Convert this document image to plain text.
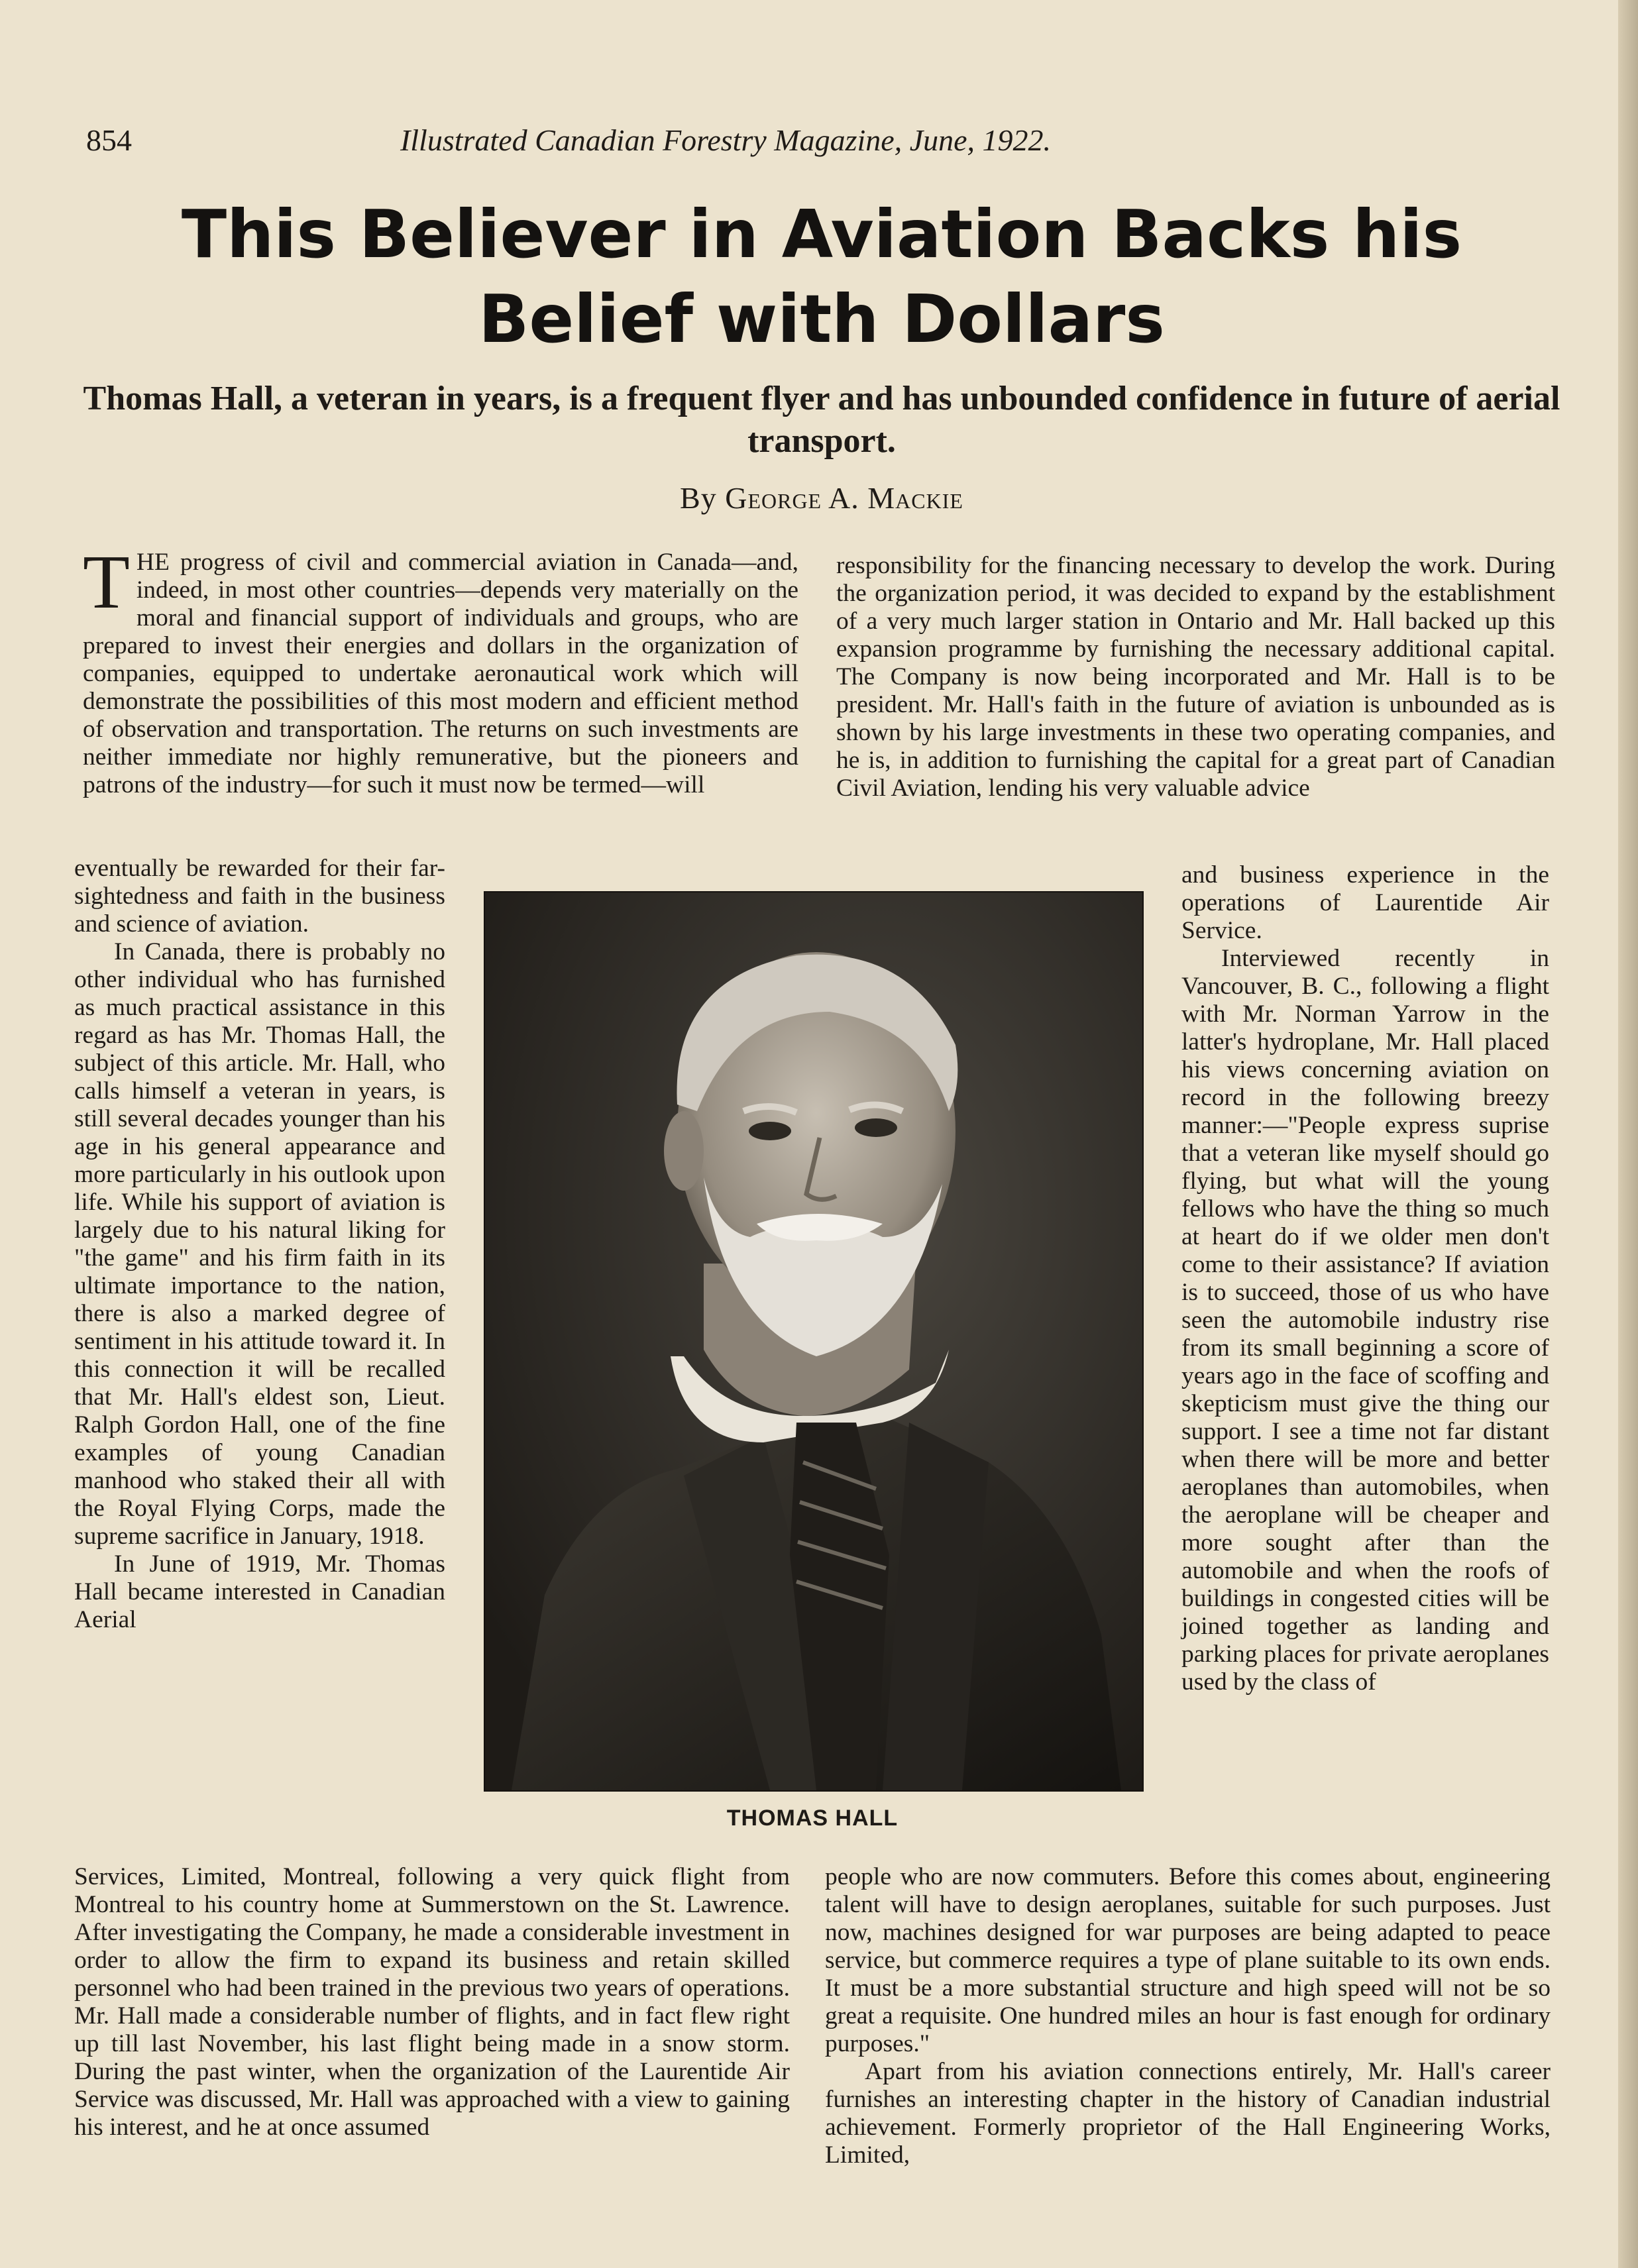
854	Illustrated Canadian Forestry Magazine, June, 1922.
This Believer in Aviation Backs his Belief with Dollars
Thomas Hall, a veteran in years, is a frequent flyer and has unbounded confidence in future of aerial transport.
By George A. Mackie

THE progress of civil and commercial aviation in Canada—and, indeed, in most other countries—depends very materially on the moral and financial support of individuals and groups, who are prepared to invest their energies and dollars in the organization of companies, equipped to undertake aeronautical work which will demonstrate the possibilities of this most modern and efficient method of observation and transportation. The returns on such investments are neither immediate nor highly remunerative, but the pioneers and patrons of the industry—for such it must now be termed—will

eventually be rewarded for their far-sightedness and faith in the business and science of aviation.

In Canada, there is probably no other individual who has furnished as much practical assistance in this regard as has Mr. Thomas Hall, the subject of this article. Mr. Hall, who calls himself a veteran in years, is still several decades younger than his age in his general appearance and more particularly in his outlook upon life. While his support of aviation is largely due to his natural liking for "the game" and his firm faith in its ultimate importance to the nation, there is also a marked degree of sentiment in his attitude toward it. In this connection it will be recalled that Mr. Hall's eldest son, Lieut. Ralph Gordon Hall, one of the fine examples of young Canadian manhood who staked their all with the Royal Flying Corps, made the supreme sacrifice in January, 1918.

In June of 1919, Mr. Thomas Hall became interested in Canadian Aerial

Services, Limited, Montreal, following a very quick flight from Montreal to his country home at Summerstown on the St. Lawrence. After investigating the Company, he made a considerable investment in order to allow the firm to expand its business and retain skilled personnel who had been trained in the previous two years of operations. Mr. Hall made a considerable number of flights, and in fact flew right up till last November, his last flight being made in a snow storm. During the past winter, when the organization of the Laurentide Air Service was discussed, Mr. Hall was approached with a view to gaining his interest, and he at once assumed

responsibility for the financing necessary to develop the work. During the organization period, it was decided to expand by the establishment of a very much larger station in Ontario and Mr. Hall backed up this expansion programme by furnishing the necessary additional capital. The Company is now being incorporated and Mr. Hall is to be president. Mr. Hall's faith in the future of aviation is unbounded as is shown by his large investments in these two operating companies, and he is, in addition to furnishing the capital for a great part of Canadian Civil Aviation, lending his very valuable advice

and business experience in the operations of Laurentide Air Service.

Interviewed recently in Vancouver, B. C., following a flight with Mr. Norman Yarrow in the latter's hydroplane, Mr. Hall placed his views concerning aviation on record in the following breezy manner:—"People express suprise that a veteran like myself should go flying, but what will the young fellows who have the thing so much at heart do if we older men don't come to their assistance? If aviation is to succeed, those of us who have seen the automobile industry rise from its small beginning a score of years ago in the face of scoffing and skepticism must give the thing our support. I see a time not far distant when there will be more and better aeroplanes than automobiles, when the aeroplane will be cheaper and more sought after than the automobile and when the roofs of buildings in congested cities will be joined together as landing and parking places for private aeroplanes used by the class of

people who are now commuters. Before this comes about, engineering talent will have to design aeroplanes, suitable for such purposes. Just now, machines designed for war purposes are being adapted to peace service, but commerce requires a type of plane suitable to its own ends. It must be a more substantial structure and high speed will not be so great a requisite. One hundred miles an hour is fast enough for ordinary purposes."

Apart from his aviation connections entirely, Mr. Hall's career furnishes an interesting chapter in the history of Canadian industrial achievement. Formerly proprietor of the Hall Engineering Works, Limited,

THOMAS HALL
